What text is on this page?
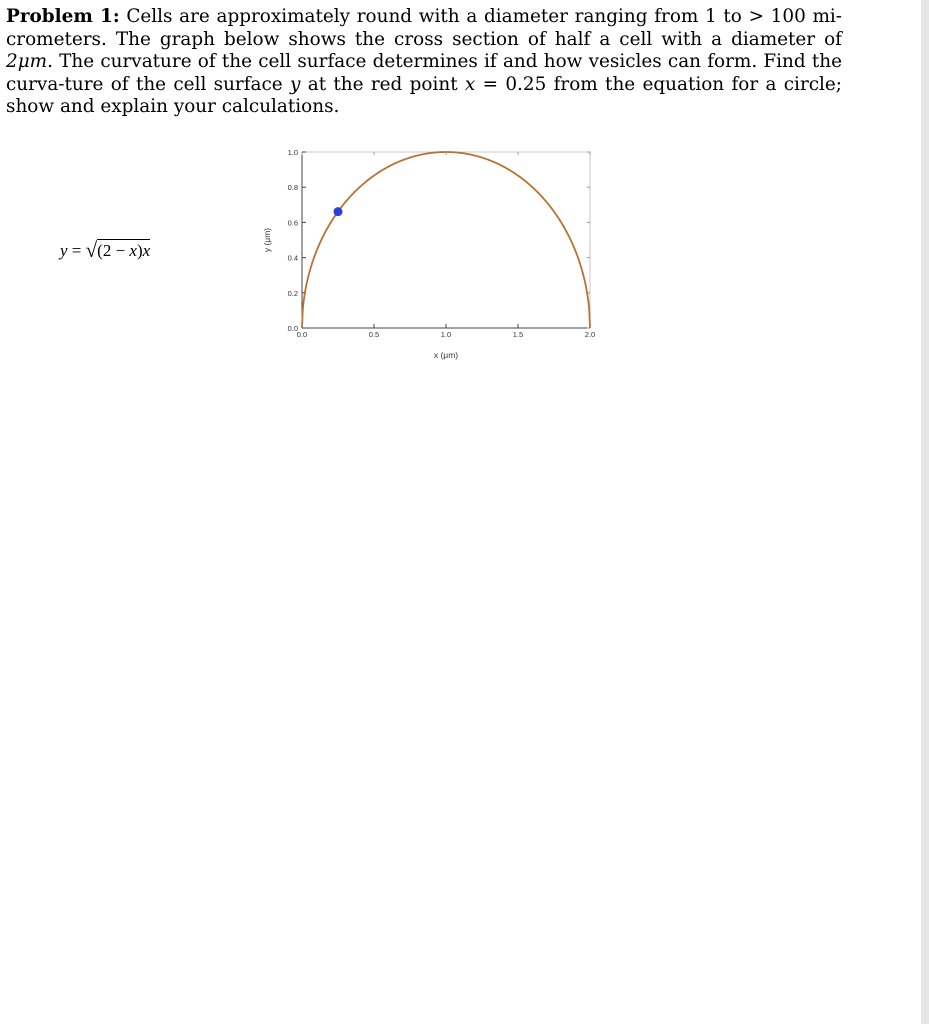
Problem 1: Cells are approximately round with a diameter ranging from 1 to > 100 mi-crometers. The graph below shows the cross section of half a cell with a diameter of 2μm. The curvature of the cell surface determines if and how vesicles can form. Find the curva-ture of the cell surface y at the red point x = 0.25 from the equation for a circle; show and explain your calculations.
y = √(2 − x)x
0.0	0.5	1.0	1.5	2.0
0.0
0.2
0.4
0.6
0.8
1.0
x (μm)
y (μm)
